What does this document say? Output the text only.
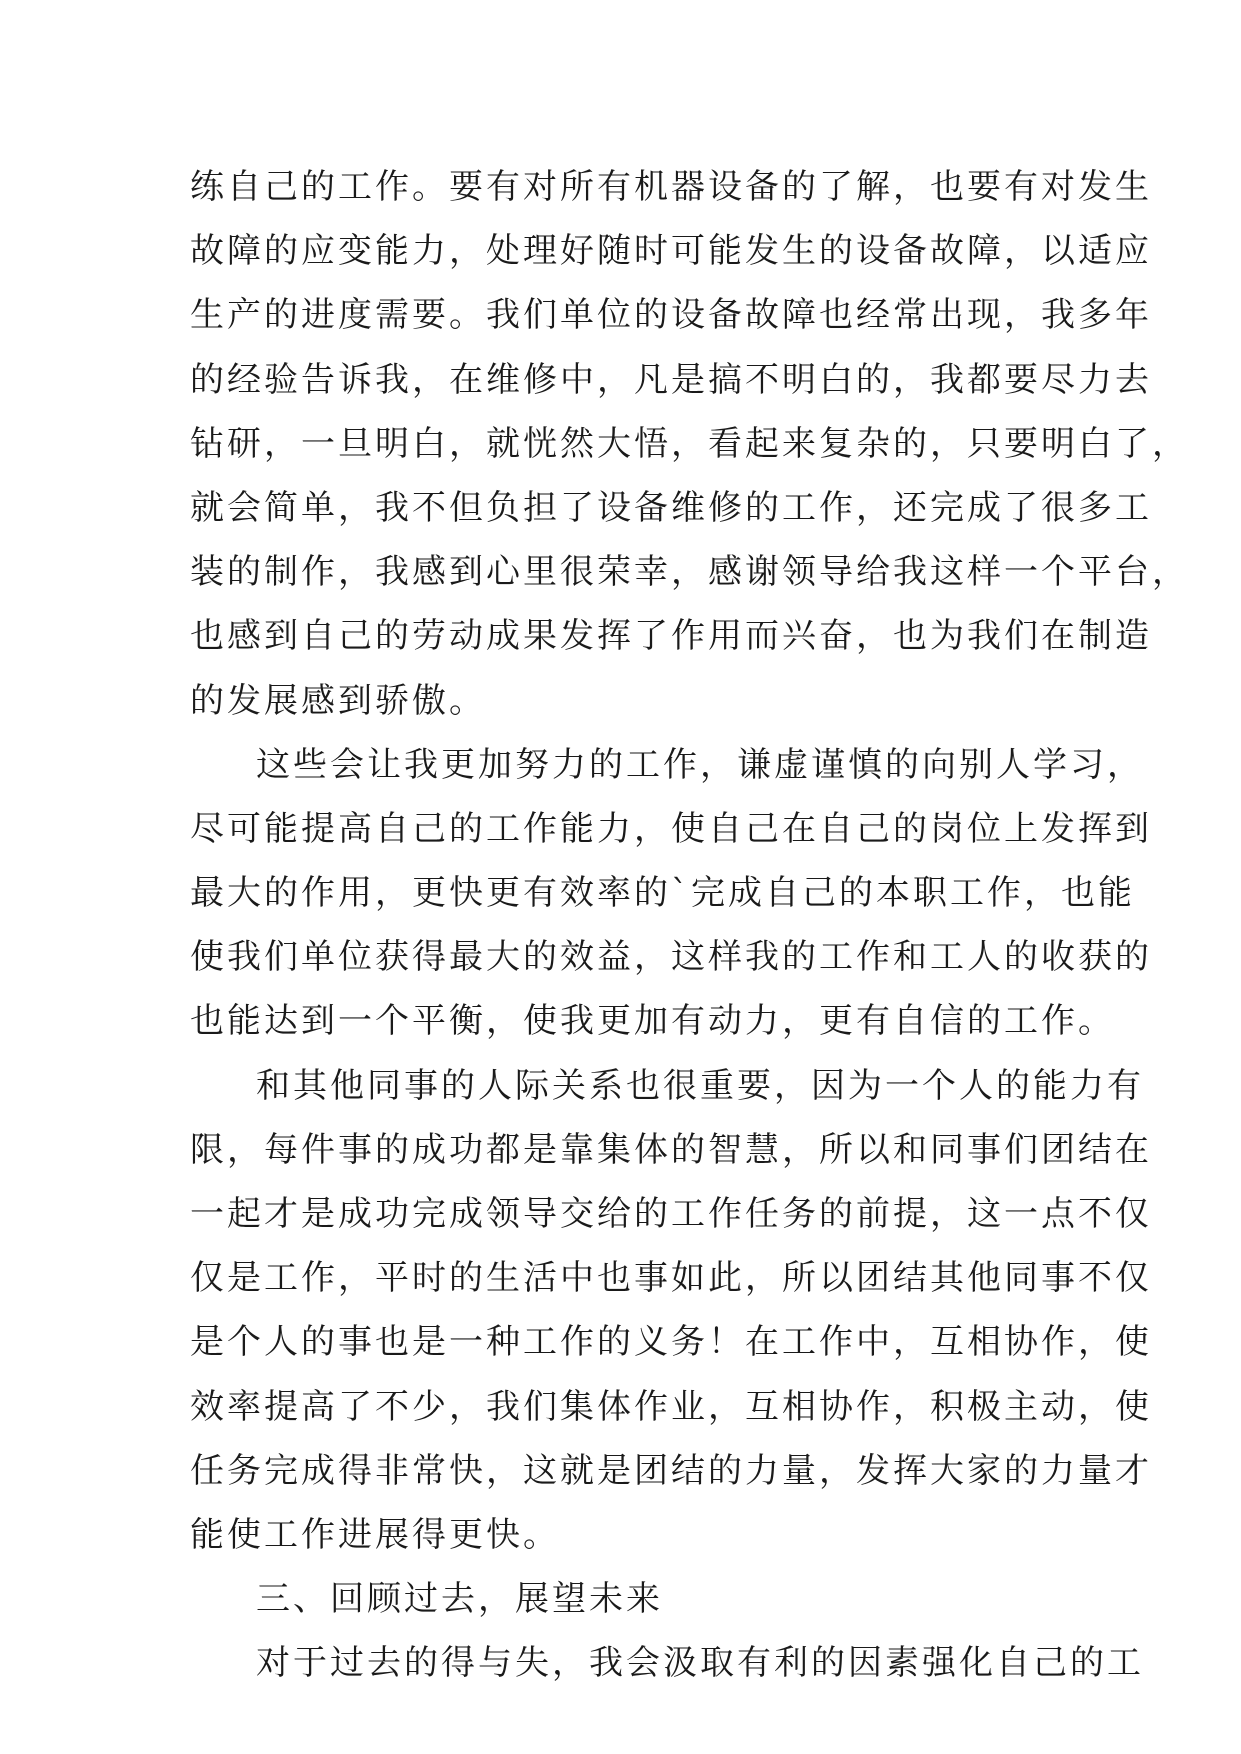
练自己的工作。要有对所有机器设备的了解，也要有对发生
故障的应变能力，处理好随时可能发生的设备故障，以适应
生产的进度需要。我们单位的设备故障也经常出现，我多年
的经验告诉我，在维修中，凡是搞不明白的，我都要尽力去
钻研，一旦明白，就恍然大悟，看起来复杂的，只要明白了，
就会简单，我不但负担了设备维修的工作，还完成了很多工
装的制作，我感到心里很荣幸，感谢领导给我这样一个平台，
也感到自己的劳动成果发挥了作用而兴奋，也为我们在制造
的发展感到骄傲。
这些会让我更加努力的工作，谦虚谨慎的向别人学习，
尽可能提高自己的工作能力，使自己在自己的岗位上发挥到
最大的作用，更快更有效率的`完成自己的本职工作，也能
使我们单位获得最大的效益，这样我的工作和工人的收获的
也能达到一个平衡，使我更加有动力，更有自信的工作。
和其他同事的人际关系也很重要，因为一个人的能力有
限，每件事的成功都是靠集体的智慧，所以和同事们团结在
一起才是成功完成领导交给的工作任务的前提，这一点不仅
仅是工作，平时的生活中也事如此，所以团结其他同事不仅
是个人的事也是一种工作的义务！在工作中，互相协作，使
效率提高了不少，我们集体作业，互相协作，积极主动，使
任务完成得非常快，这就是团结的力量，发挥大家的力量才
能使工作进展得更快。
三、回顾过去，展望未来
对于过去的得与失，我会汲取有利的因素强化自己的工
